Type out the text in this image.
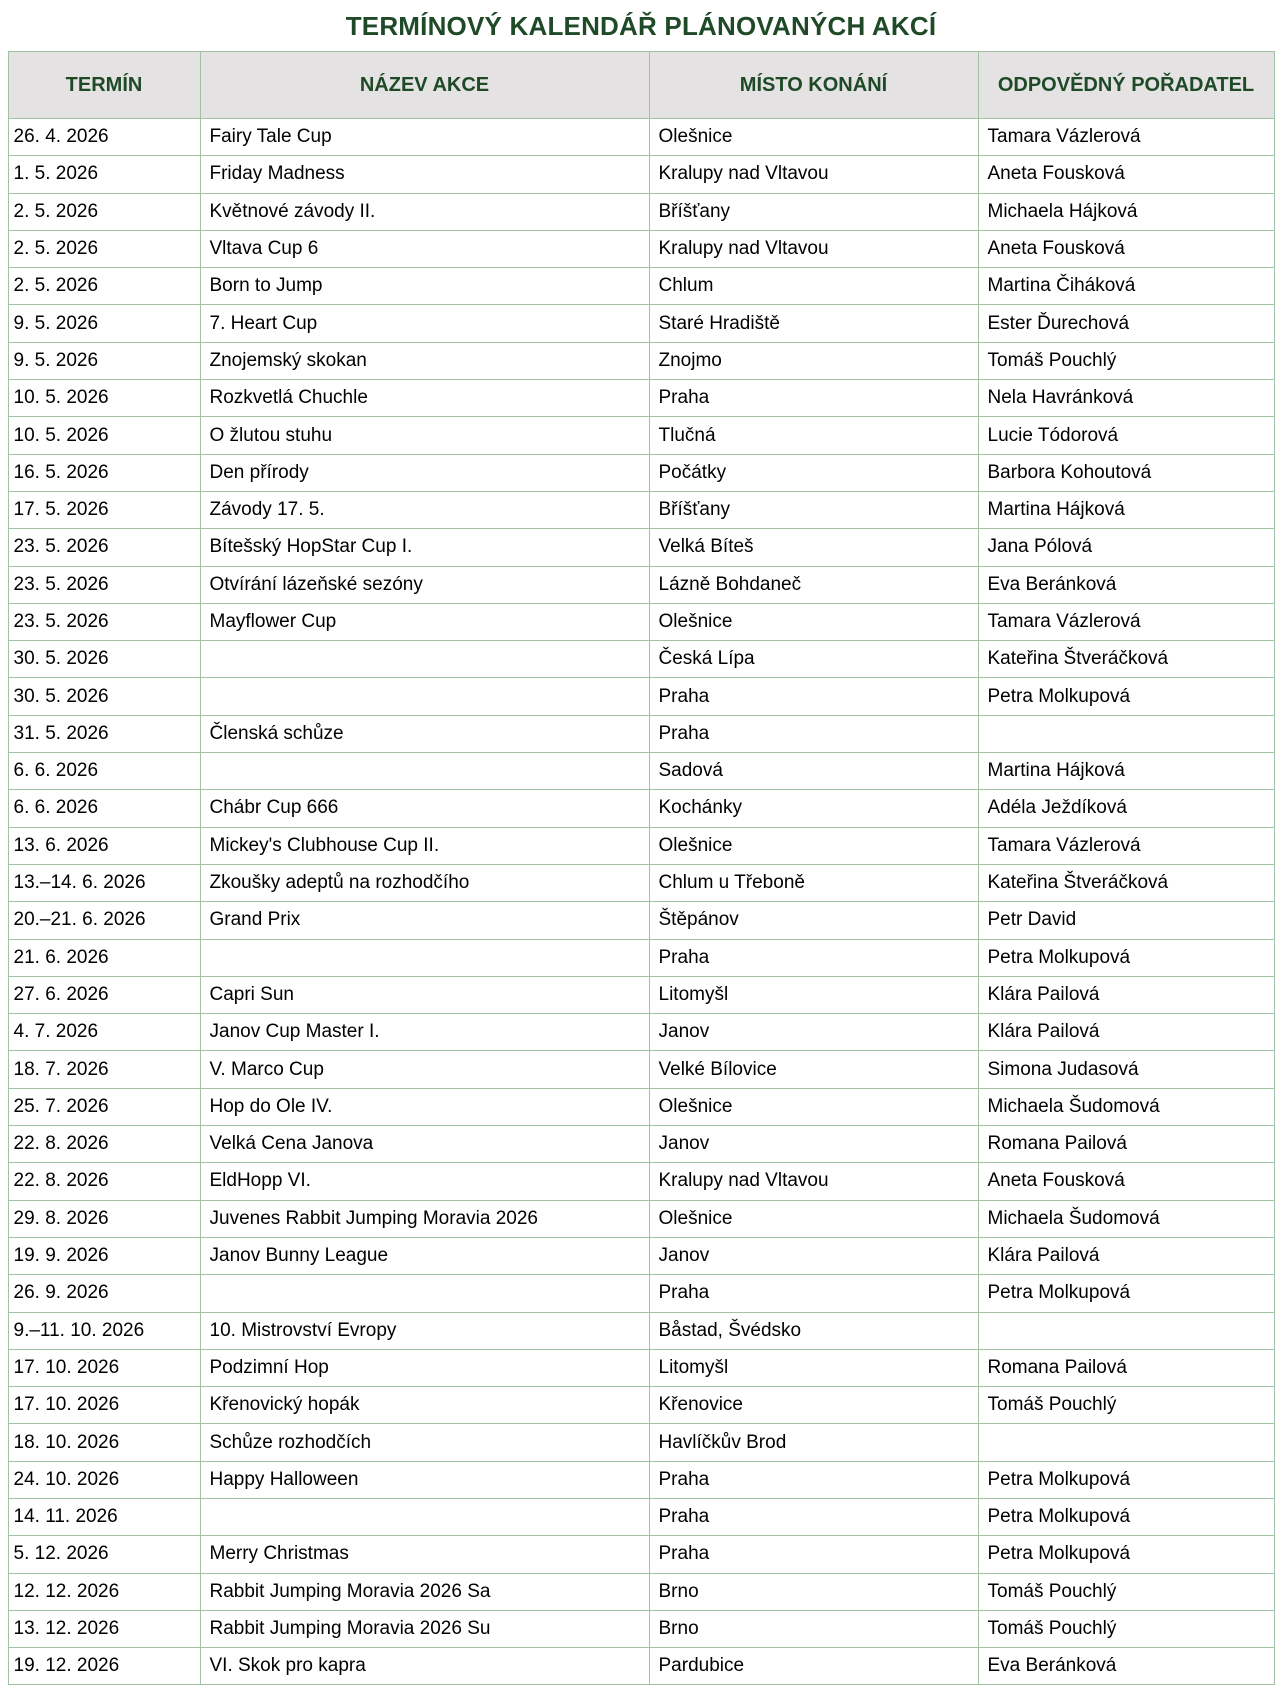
TERMÍNOVÝ KALENDÁŘ PLÁNOVANÝCH AKCÍ
TERMÍN	NÁZEV AKCE	MÍSTO KONÁNÍ	ODPOVĚDNÝ POŘADATEL
26. 4. 2026	Fairy Tale Cup	Olešnice	Tamara Vázlerová
1. 5. 2026	Friday Madness	Kralupy nad Vltavou	Aneta Fousková
2. 5. 2026	Květnové závody II.	Bříšťany	Michaela Hájková
2. 5. 2026	Vltava Cup 6	Kralupy nad Vltavou	Aneta Fousková
2. 5. 2026	Born to Jump	Chlum	Martina Čiháková
9. 5. 2026	7. Heart Cup	Staré Hradiště	Ester Ďurechová
9. 5. 2026	Znojemský skokan	Znojmo	Tomáš Pouchlý
10. 5. 2026	Rozkvetlá Chuchle	Praha	Nela Havránková
10. 5. 2026	O žlutou stuhu	Tlučná	Lucie Tódorová
16. 5. 2026	Den přírody	Počátky	Barbora Kohoutová
17. 5. 2026	Závody 17. 5.	Bříšťany	Martina Hájková
23. 5. 2026	Bítešský HopStar Cup I.	Velká Bíteš	Jana Pólová
23. 5. 2026	Otvírání lázeňské sezóny	Lázně Bohdaneč	Eva Beránková
23. 5. 2026	Mayflower Cup	Olešnice	Tamara Vázlerová
30. 5. 2026		Česká Lípa	Kateřina Štveráčková
30. 5. 2026		Praha	Petra Molkupová
31. 5. 2026	Členská schůze	Praha	
6. 6. 2026		Sadová	Martina Hájková
6. 6. 2026	Chábr Cup 666	Kochánky	Adéla Ježdíková
13. 6. 2026	Mickey's Clubhouse Cup II.	Olešnice	Tamara Vázlerová
13.–14. 6. 2026	Zkoušky adeptů na rozhodčího	Chlum u Třeboně	Kateřina Štveráčková
20.–21. 6. 2026	Grand Prix	Štěpánov	Petr David
21. 6. 2026		Praha	Petra Molkupová
27. 6. 2026	Capri Sun	Litomyšl	Klára Pailová
4. 7. 2026	Janov Cup Master I.	Janov	Klára Pailová
18. 7. 2026	V. Marco Cup	Velké Bílovice	Simona Judasová
25. 7. 2026	Hop do Ole IV.	Olešnice	Michaela Šudomová
22. 8. 2026	Velká Cena Janova	Janov	Romana Pailová
22. 8. 2026	EldHopp VI.	Kralupy nad Vltavou	Aneta Fousková
29. 8. 2026	Juvenes Rabbit Jumping Moravia 2026	Olešnice	Michaela Šudomová
19. 9. 2026	Janov Bunny League	Janov	Klára Pailová
26. 9. 2026		Praha	Petra Molkupová
9.–11. 10. 2026	10. Mistrovství Evropy	Båstad, Švédsko	
17. 10. 2026	Podzimní Hop	Litomyšl	Romana Pailová
17. 10. 2026	Křenovický hopák	Křenovice	Tomáš Pouchlý
18. 10. 2026	Schůze rozhodčích	Havlíčkův Brod	
24. 10. 2026	Happy Halloween	Praha	Petra Molkupová
14. 11. 2026		Praha	Petra Molkupová
5. 12. 2026	Merry Christmas	Praha	Petra Molkupová
12. 12. 2026	Rabbit Jumping Moravia 2026 Sa	Brno	Tomáš Pouchlý
13. 12. 2026	Rabbit Jumping Moravia 2026 Su	Brno	Tomáš Pouchlý
19. 12. 2026	VI. Skok pro kapra	Pardubice	Eva Beránková
